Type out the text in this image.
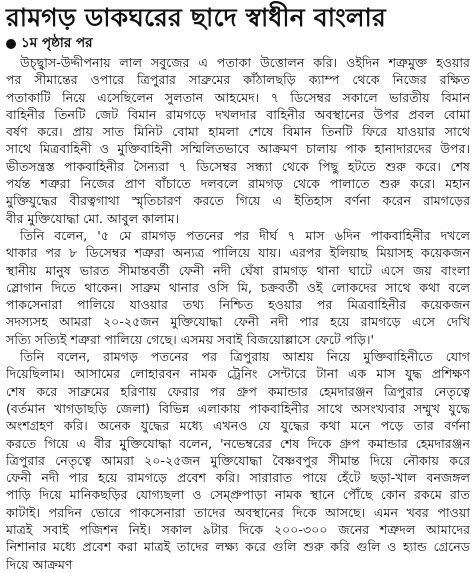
রামগড় ডাকঘরের ছাদে স্বাধীন বাংলার
১ম পৃষ্ঠার পর
উচ্ছ্বাস-উদ্দীপনায় লাল সবুজের এ পতাকা উত্তোলন করি। ওইদিন শত্রুমুক্ত হওয়ার
পর সীমান্তের ওপারে ত্রিপুরার সাব্রুমের কাঁঠালছড়ি ক্যাম্প থেকে নিজের রক্ষিত
পতাকাটি নিয়ে এসেছিলেন সুলতান আহমেদ। ৭ ডিসেম্বর সকালে ভারতীয় বিমান
বাহিনীর তিনটি জেট বিমান রামগড়ে দখলদার বাহিনীর অবস্থানের উপর প্রবল বোমা
বর্ষণ করে। প্রায় সাত মিনিট বোমা হামলা শেষে বিমান তিনটি ফিরে যাওয়ার সাথে
সাথে মিত্রবাহিনী ও মুক্তিবাহিনী সম্মিলিতভাবে আক্রমণ চালায় পাক হানাদারদের উপর।
ভীতসন্ত্রস্ত পাকবাহিনীর সৈন্যরা ৭ ডিসেম্বর সন্ধ্যা থেকে পিছু হটতে শুরু করে। শেষ
পর্যন্ত শত্রুরা নিজের প্রাণ বাঁচাতে দলবলে রামগড় থেকে পালাতে শুরু করে। মহান
মুক্তিযুদ্ধের বীরত্বগাথা স্মৃতিচারণ করতে গিয়ে এ ইতিহাস বর্ণনা করেন রামগড়ের
বীর মুক্তিযোদ্ধা মো. আবুল কালাম।
তিনি বলেন, '৫ মে রামগড় পতনের পর দীর্ঘ ৭ মাস ৬দিন পাকবাহিনীর দখলে
থাকার পর ৮ ডিসেম্বর শত্রুরা অন্যত্র পালিয়ে যায়। এরপর ইলিয়াছ মিয়াসহ কয়েকজন
স্থানীয় মানুষ ভারত সীমান্তবর্তী ফেনী নদী ঘেঁষা রামগড় থানা ঘাটে এসে জয় বাংলা
স্লোগান দিতে থাকেন। সাব্রুম থানার ওসি মি, চক্রবর্তী ওই লোকদের সাথে কথা বলে
পাকসেনারা পালিয়ে যাওয়ার তথ্য নিশ্চিত হওয়ার পর মিত্রবাহিনীর কয়েকজন
সদস্যসহ আমরা ২০-২৫জন মুক্তিযোদ্ধা ফেনী নদী পার হয়ে রামগড়ে এসে দেখি
সত্যি সত্যিই শত্রুরা পালিয়ে গেছে। এসময় সবাই বিজয়োল্লাসে ফেটে পড়ি।'
তিনি বলেন, রামগড় পতনের পর ত্রিপুরায় আশ্রয় নিয়ে মুক্তিবাহিনীতে যোগ
দিয়েছিলাম। আসামের লোহারবন নামক ট্রেনিং সেন্টারে টানা এক মাস যুদ্ধ প্রশিক্ষণ
শেষ করে সাব্রুমের হরিণায় ফেরার পর গ্রুপ কমান্ডার হেমদারঞ্জন ত্রিপুরার নেতৃত্বে
(বর্তমান খাগড়াছড়ি জেলা) বিভিন্ন এলাকায় পাকবাহিনীর সাথে অসংখ্যবার সম্মুখ যুদ্ধে
অংশগ্রহণ করি। অনেক যুদ্ধের মধ্যে এখনও যে যুদ্ধের কথা মনে পড়ে তার বর্ণনা
করতে গিয়ে এ বীর মুক্তিযোদ্ধা বলেন, 'নভেম্বরের শেষ দিকে গ্রুপ কমান্ডার হেমদারঞ্জন
ত্রিপুরার নেতৃত্বে আমরা ২০-২৫জন মুক্তিযোদ্ধা বৈষ্ণবপুর সীমান্ত দিয়ে নৌকায় করে
ফেনী নদী পার হয়ে রামগড়ে প্রবেশ করি। সারারাত পায়ে হেঁটে ছড়া-খাল বনজঙ্গল
পাড়ি দিয়ে মানিকছড়ির যোগ্যছলা ও সেম্প্রুপাড়া নামক স্থানে পৌঁছে কোন রকমে রাত
কাটাই। পরদিন ভোরে পাকসেনারা তাদের অবস্থানের দিকে আসছে। এমন খবর পাওয়া
মাত্রই সবাই পজিশন নিই। সকাল ৯টার দিকে ২০০-৩০০ জনের শত্রুদল আমাদের
নিশানার মধ্যে প্রবেশ করা মাত্রই তাদের লক্ষ্য করে গুলি শুরু করি গুলি ও হ্যান্ড গ্রেনেড
দিয়ে আক্রমণ
